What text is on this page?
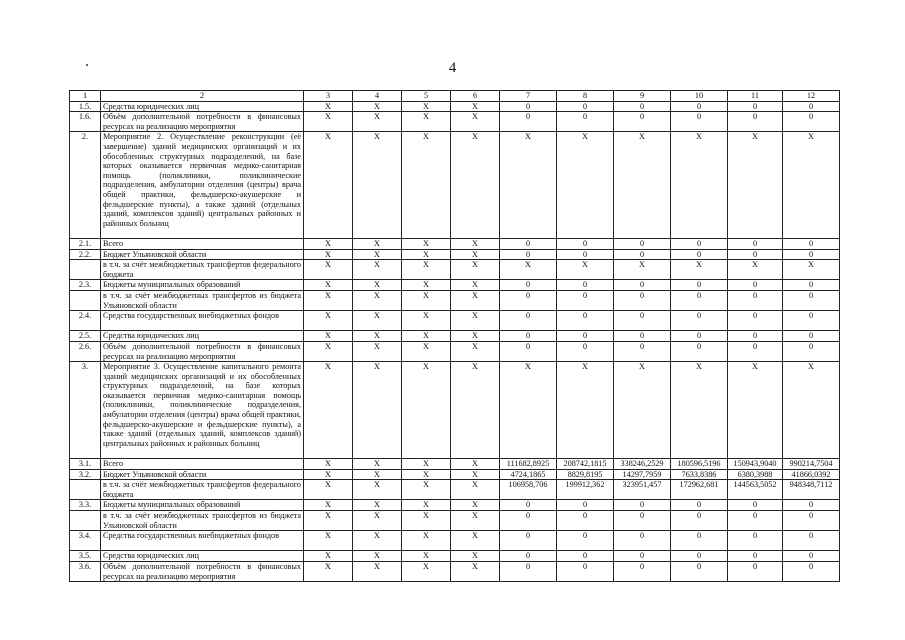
4
1	2	3	4	5	6	7	8	9	10	11	12
1.5.	Средства юридических лиц	X	X	X	X	0	0	0	0	0	0
1.6.	Объём дополнительной потребности в финансовых ресурсах на реализацию мероприятия	X	X	X	X	0	0	0	0	0	0
2.	Мероприятие 2. Осуществление реконструкции (её завершение) зданий медицинских организаций и их обособленных структурных подразделений, на базе которых оказывается первичная медико-санитарная помощь (поликлиники, поликлинические подразделения, амбулатории отделения (центры) врача общей практики, фельдшерско-акушерские и фельдшерские пункты), а также зданий (отдельных зданий, комплексов зданий) центральных районных и районных больниц	X	X	X	X	X	X	X	X	X	X
2.1.	Всего	X	X	X	X	0	0	0	0	0	0
2.2.	Бюджет Ульяновской области	X	X	X	X	0	0	0	0	0	0
	в т.ч. за счёт межбюджетных трансфертов федерального бюджета	X	X	X	X	X	X	X	X	X	X
2.3.	Бюджеты муниципальных образований	X	X	X	X	0	0	0	0	0	0
	в т.ч. за счёт межбюджетных трансфертов из бюджета Ульяновской области	X	X	X	X	0	0	0	0	0	0
2.4.	Средства государственных внебюджетных фондов	X	X	X	X	0	0	0	0	0	0
2.5.	Средства юридических лиц	X	X	X	X	0	0	0	0	0	0
2.6.	Объём дополнительной потребности в финансовых ресурсах на реализацию мероприятия	X	X	X	X	0	0	0	0	0	0
3.	Мероприятие 3. Осуществление капитального ремонта зданий медицинских организаций и их обособленных структурных подразделений, на базе которых оказывается первичная медико-санитарная помощь (поликлиники, поликлинические подразделения, амбулатории отделения (центры) врача общей практики, фельдшерско-акушерские и фельдшерские пункты), а также зданий (отдельных зданий, комплексов зданий) центральных районных и районных больниц	X	X	X	X	X	X	X	X	X	X
3.1.	Всего	X	X	X	X	111682,8925	208742,1815	338246,2529	180596,5196	150943,9040	990214,7504
3.2.	Бюджет Ульяновской области	X	X	X	X	4724,1865	8829,8195	14297,7959	7633,8386	6380,3988	41866,0392
	в т.ч. за счёт межбюджетных трансфертов федерального бюджета	X	X	X	X	106958,706	199912,362	323951,457	172962,681	144563,5052	948348,7112
3.3.	Бюджеты муниципальных образований	X	X	X	X	0	0	0	0	0	0
	в т.ч. за счёт межбюджетных трансфертов из бюджета Ульяновской области	X	X	X	X	0	0	0	0	0	0
3.4.	Средства государственных внебюджетных фондов	X	X	X	X	0	0	0	0	0	0
3.5.	Средства юридических лиц	X	X	X	X	0	0	0	0	0	0
3.6.	Объём дополнительной потребности в финансовых ресурсах на реализацию мероприятия	X	X	X	X	0	0	0	0	0	0
